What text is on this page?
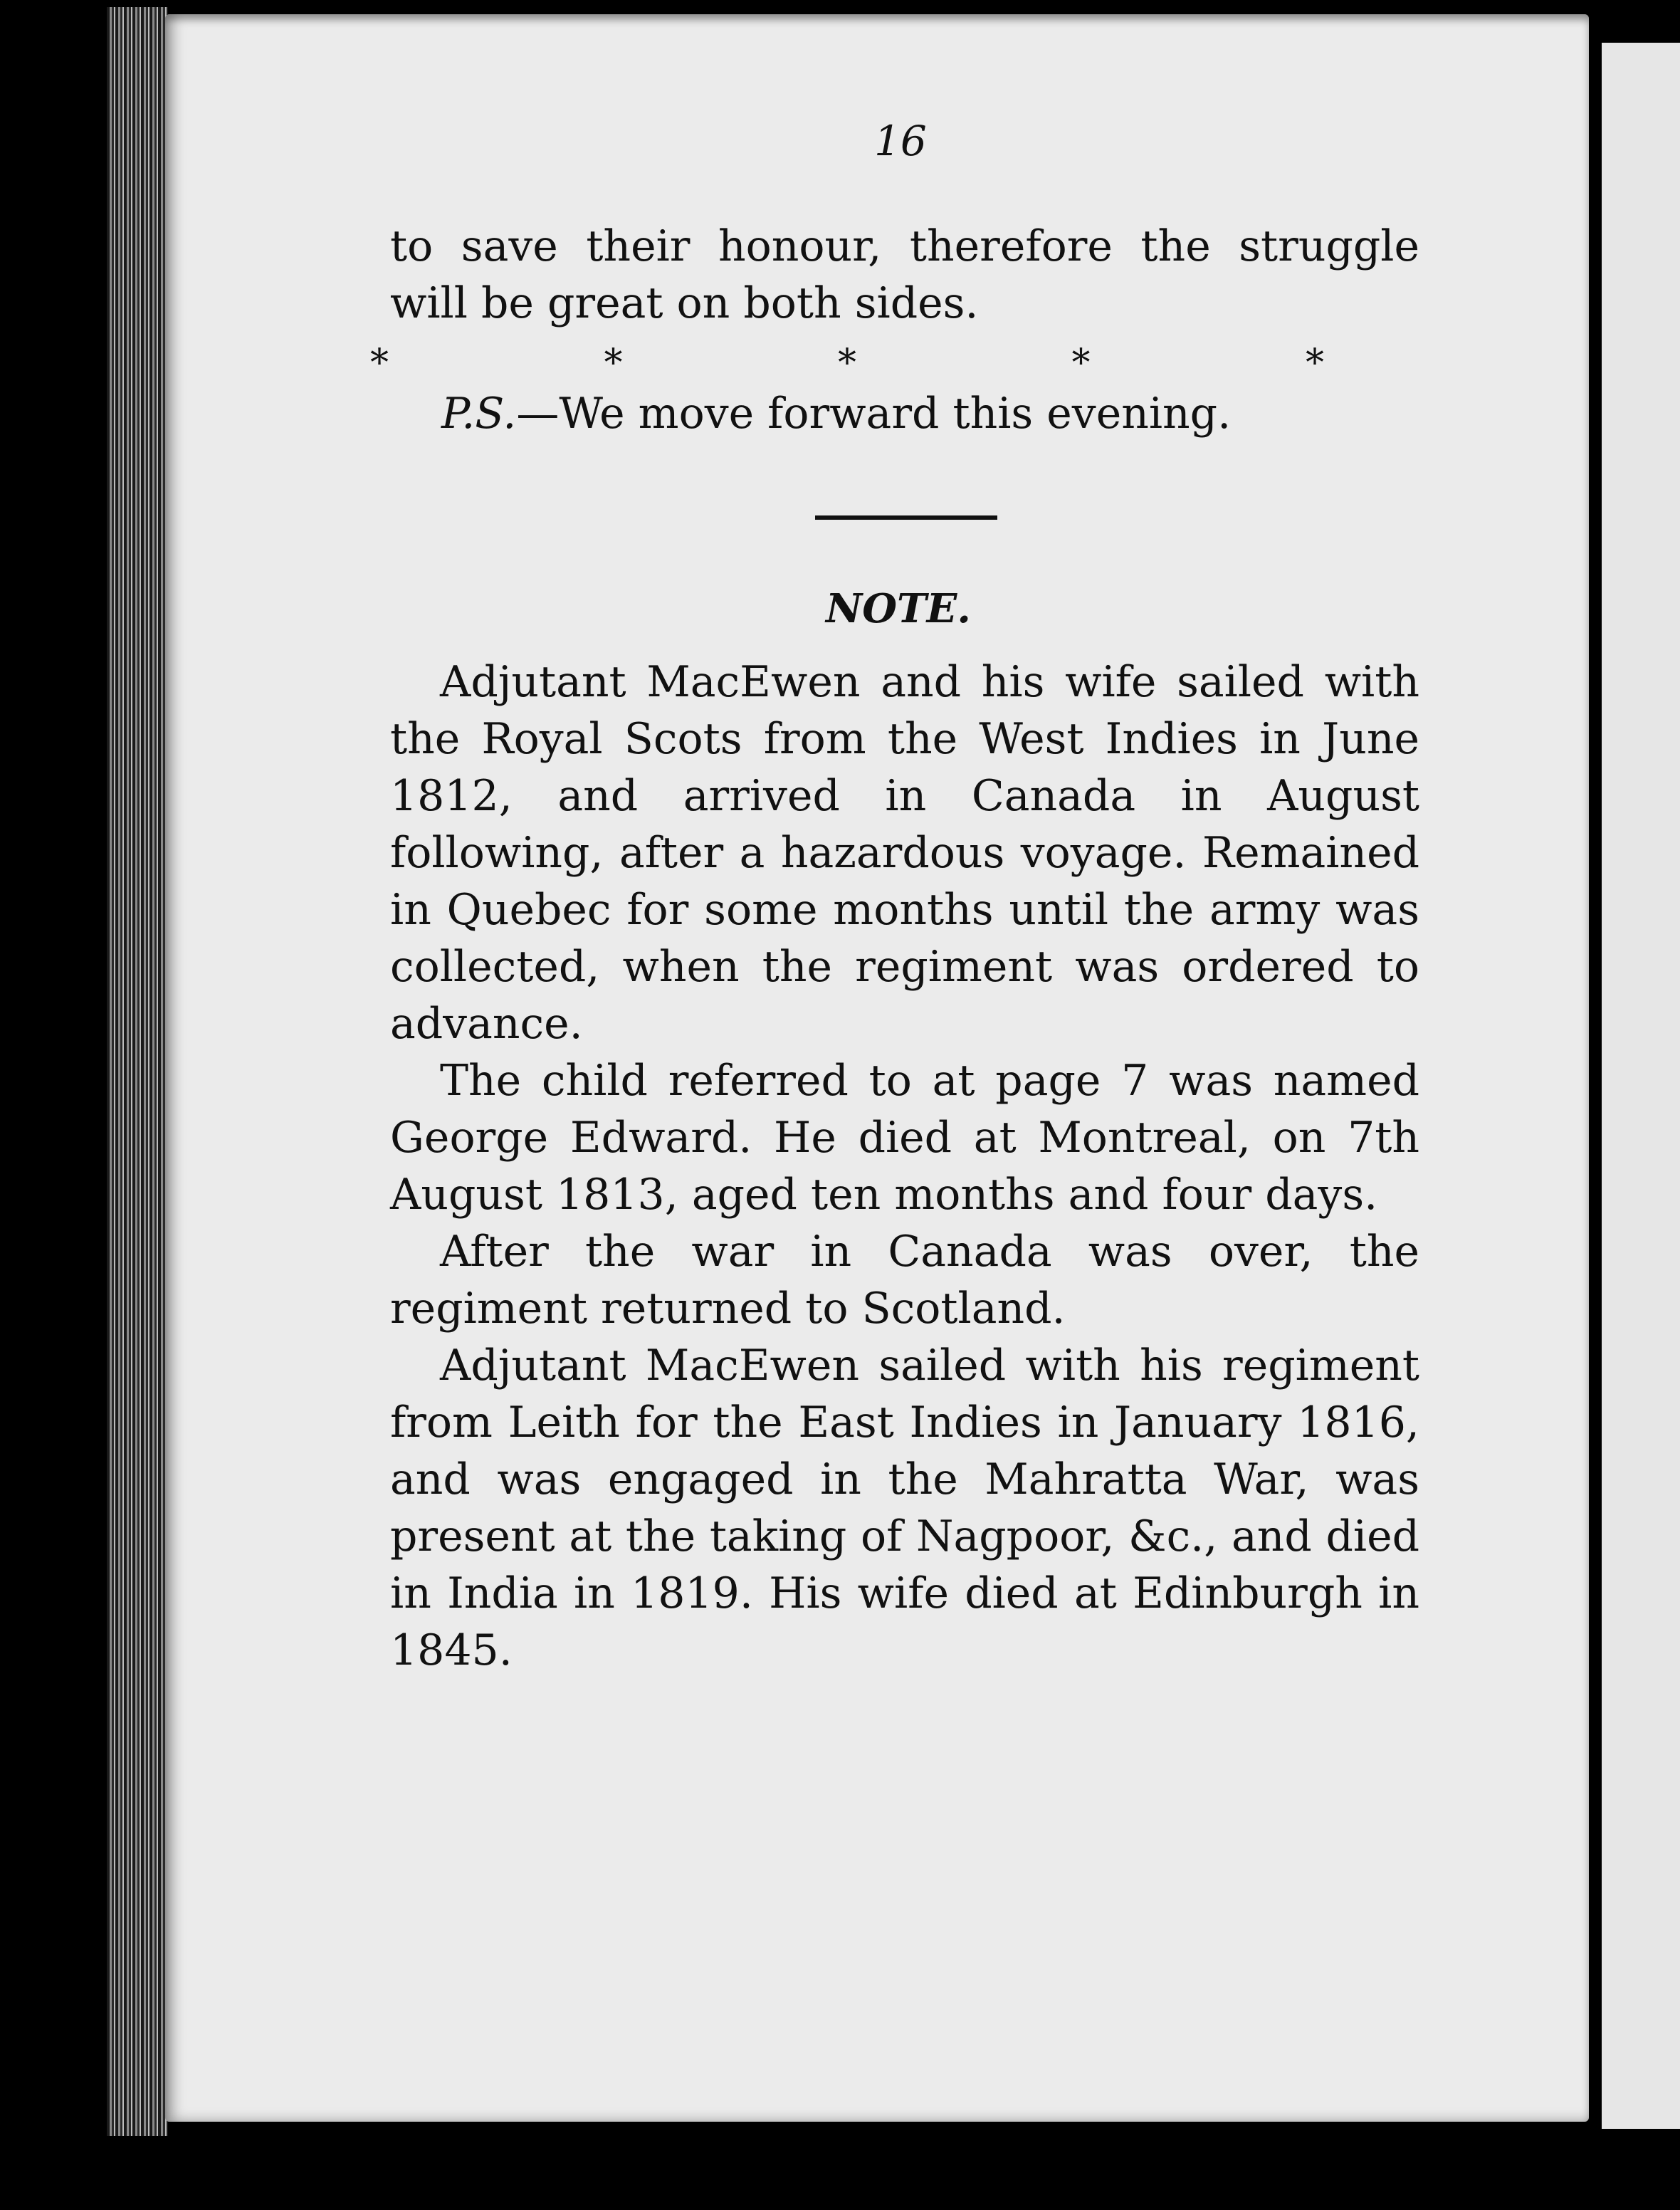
16
to save their honour, therefore the struggle will be great on both sides.
*	*	*	*	*
P.S.—We move forward this evening.
NOTE.

Adjutant MacEwen and his wife sailed with the Royal Scots from the West Indies in June 1812, and arrived in Canada in August following, after a hazardous voyage. Remained in Quebec for some months until the army was collected, when the regiment was ordered to advance.

The child referred to at page 7 was named George Edward. He died at Montreal, on 7th August 1813, aged ten months and four days.

After the war in Canada was over, the regiment returned to Scotland.

Adjutant MacEwen sailed with his regiment from Leith for the East Indies in January 1816, and was engaged in the Mahratta War, was present at the taking of Nagpoor, &c., and died in India in 1819. His wife died at Edinburgh in 1845.
